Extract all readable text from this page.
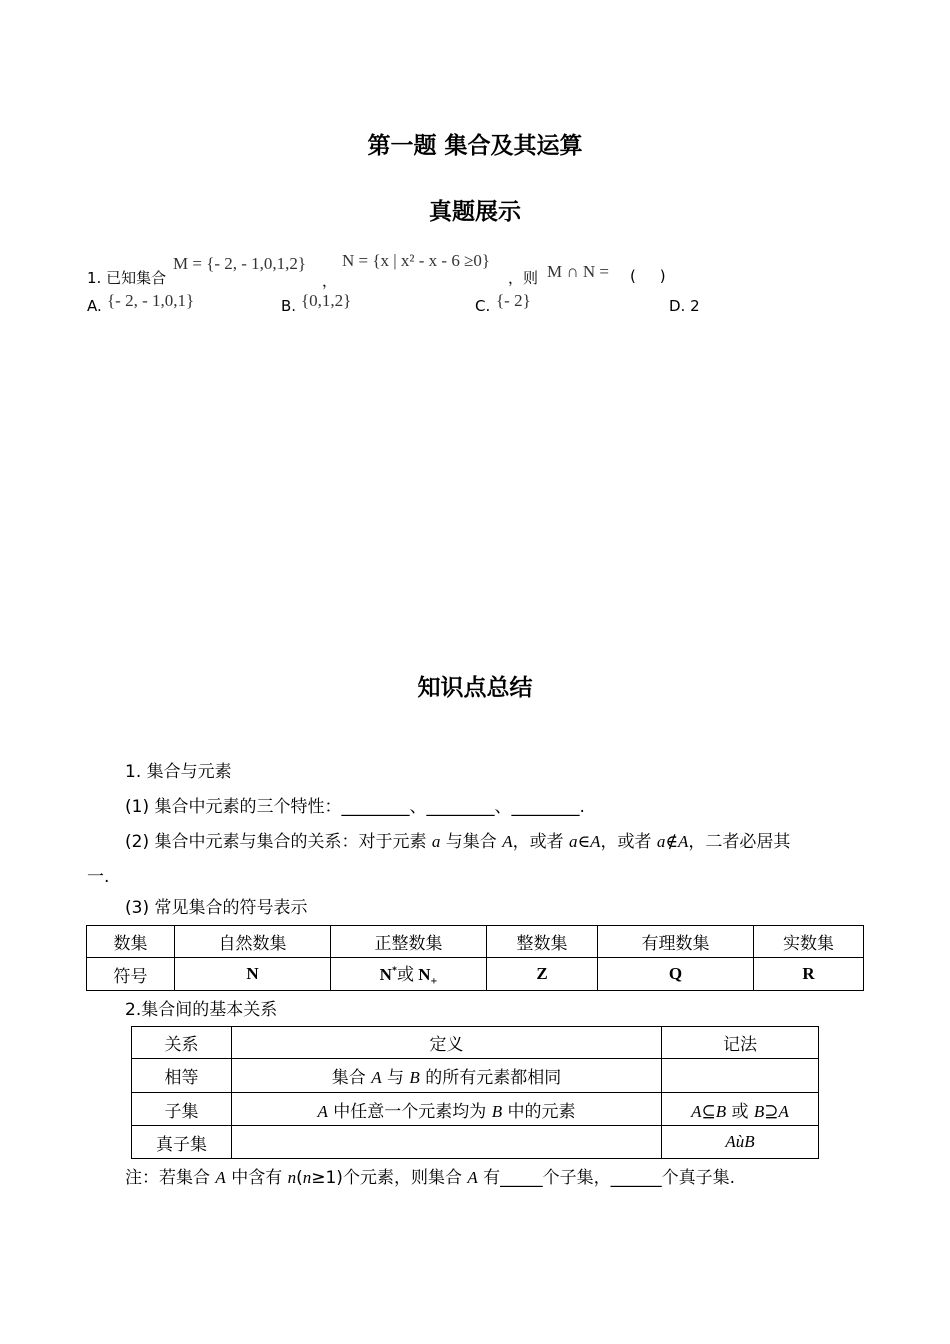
第一题 集合及其运算
真题展示
1. 已知集合
M = {- 2, - 1,0,1,2}
，
N = {x | x² - x - 6 ≥0}
，则 M ∩ N = (     )
A. {- 2, - 1,0,1}	B. {0,1,2}	C. {- 2}	D. 2
知识点总结
1. 集合与元素
(1) 集合中元素的三个特性：________、________、________.
(2) 集合中元素与集合的关系：对于元素 a 与集合 A，或者 a∈A，或者 a∉A，二者必居其
一.
(3) 常见集合的符号表示
数集	自然数集	正整数集	整数集	有理数集	实数集
符号	N	N*或 $N_+$	Z	Q	R
2.集合间的基本关系
关系	定义	记法
相等	集合 A 与 B 的所有元素都相同	
子集	A 中任意一个元素均为 B 中的元素	A⊆B 或 B⊇A
真子集		AùB
注：若集合 A 中含有 n(n≥1)个元素，则集合 A 有_____个子集，______个真子集.
